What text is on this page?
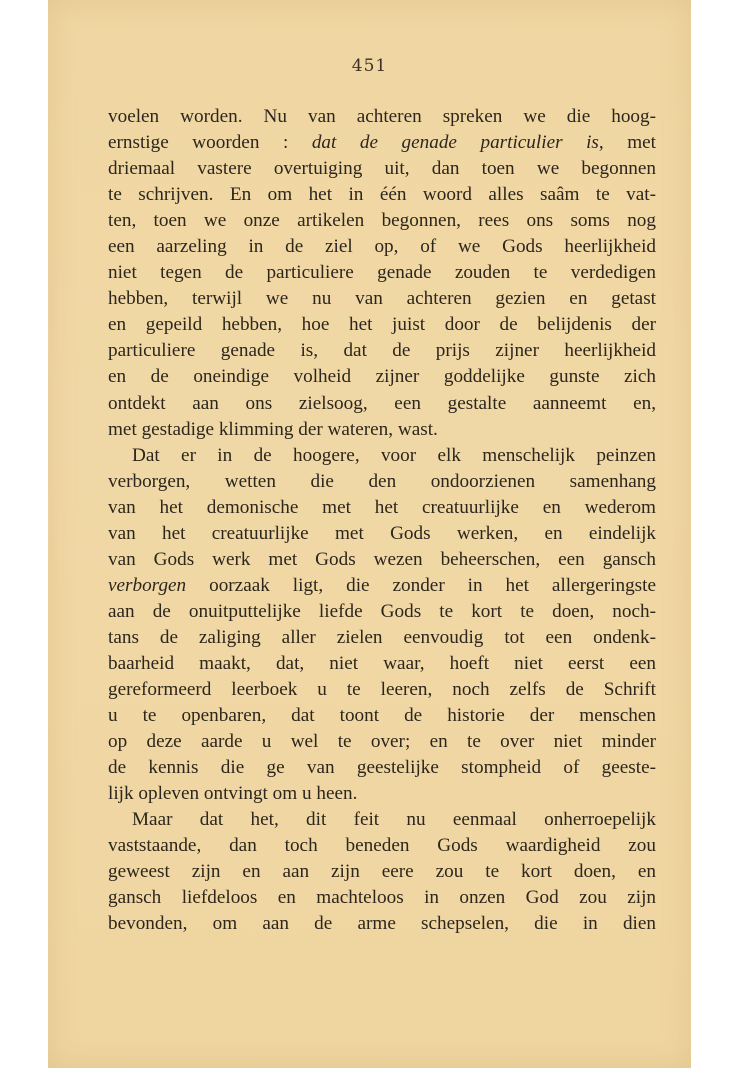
451
voelen worden. Nu van achteren spreken we die hoog-
ernstige woorden : dat de genade particulier is, met
driemaal vastere overtuiging uit, dan toen we begonnen
te schrijven. En om het in één woord alles saâm te vat-
ten, toen we onze artikelen begonnen, rees ons soms nog
een aarzeling in de ziel op, of we Gods heerlijkheid
niet tegen de particuliere genade zouden te verdedigen
hebben, terwijl we nu van achteren gezien en getast
en gepeild hebben, hoe het juist door de belijdenis der
particuliere genade is, dat de prijs zijner heerlijkheid
en de oneindige volheid zijner goddelijke gunste zich
ontdekt aan ons zielsoog, een gestalte aanneemt en,
met gestadige klimming der wateren, wast.
Dat er in de hoogere, voor elk menschelijk peinzen
verborgen, wetten die den ondoorzienen samenhang
van het demonische met het creatuurlijke en wederom
van het creatuurlijke met Gods werken, en eindelijk
van Gods werk met Gods wezen beheerschen, een gansch
verborgen oorzaak ligt, die zonder in het allergeringste
aan de onuitputtelijke liefde Gods te kort te doen, noch-
tans de zaliging aller zielen eenvoudig tot een ondenk-
baarheid maakt, dat, niet waar, hoeft niet eerst een
gereformeerd leerboek u te leeren, noch zelfs de Schrift
u te openbaren, dat toont de historie der menschen
op deze aarde u wel te over; en te over niet minder
de kennis die ge van geestelijke stompheid of geeste-
lijk opleven ontvingt om u heen.
Maar dat het, dit feit nu eenmaal onherroepelijk
vaststaande, dan toch beneden Gods waardigheid zou
geweest zijn en aan zijn eere zou te kort doen, en
gansch liefdeloos en machteloos in onzen God zou zijn
bevonden, om aan de arme schepselen, die in dien
